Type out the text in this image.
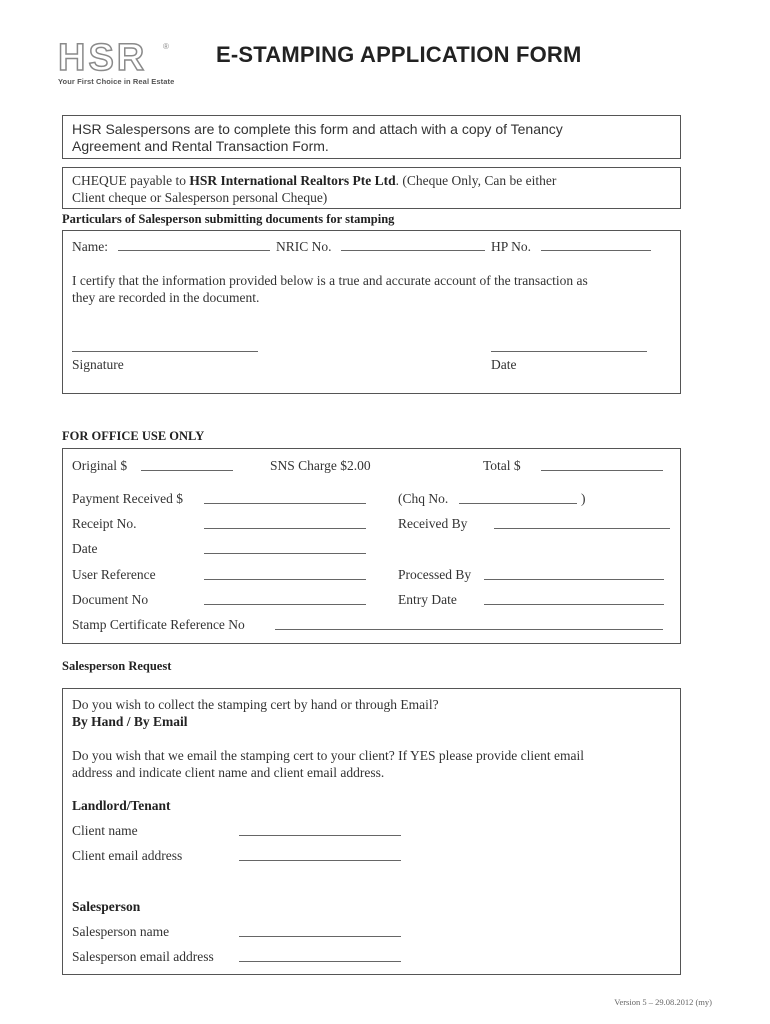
HSR ®
Your First Choice in Real Estate
E-STAMPING APPLICATION FORM
HSR Salespersons are to complete this form and attach with a copy of Tenancy
Agreement and Rental Transaction Form.
CHEQUE payable to HSR International Realtors Pte Ltd. (Cheque Only, Can be either
Client cheque or Salesperson personal Cheque)
Particulars of Salesperson submitting documents for stamping
Name:	NRIC No.	HP No.
I certify that the information provided below is a true and accurate account of the transaction as
they are recorded in the document.
Signature	Date
FOR OFFICE USE ONLY
Original $	SNS Charge $2.00	Total $
Payment Received $	(Chq No.	)
Receipt No.	Received By
Date
User Reference	Processed By
Document No	Entry Date
Stamp Certificate Reference No
Salesperson Request
Do you wish to collect the stamping cert by hand or through Email?
By Hand / By Email
Do you wish that we email the stamping cert to your client? If YES please provide client email
address and indicate client name and client email address.
Landlord/Tenant
Client name
Client email address
Salesperson
Salesperson name
Salesperson email address
Version 5 – 29.08.2012 (my)
